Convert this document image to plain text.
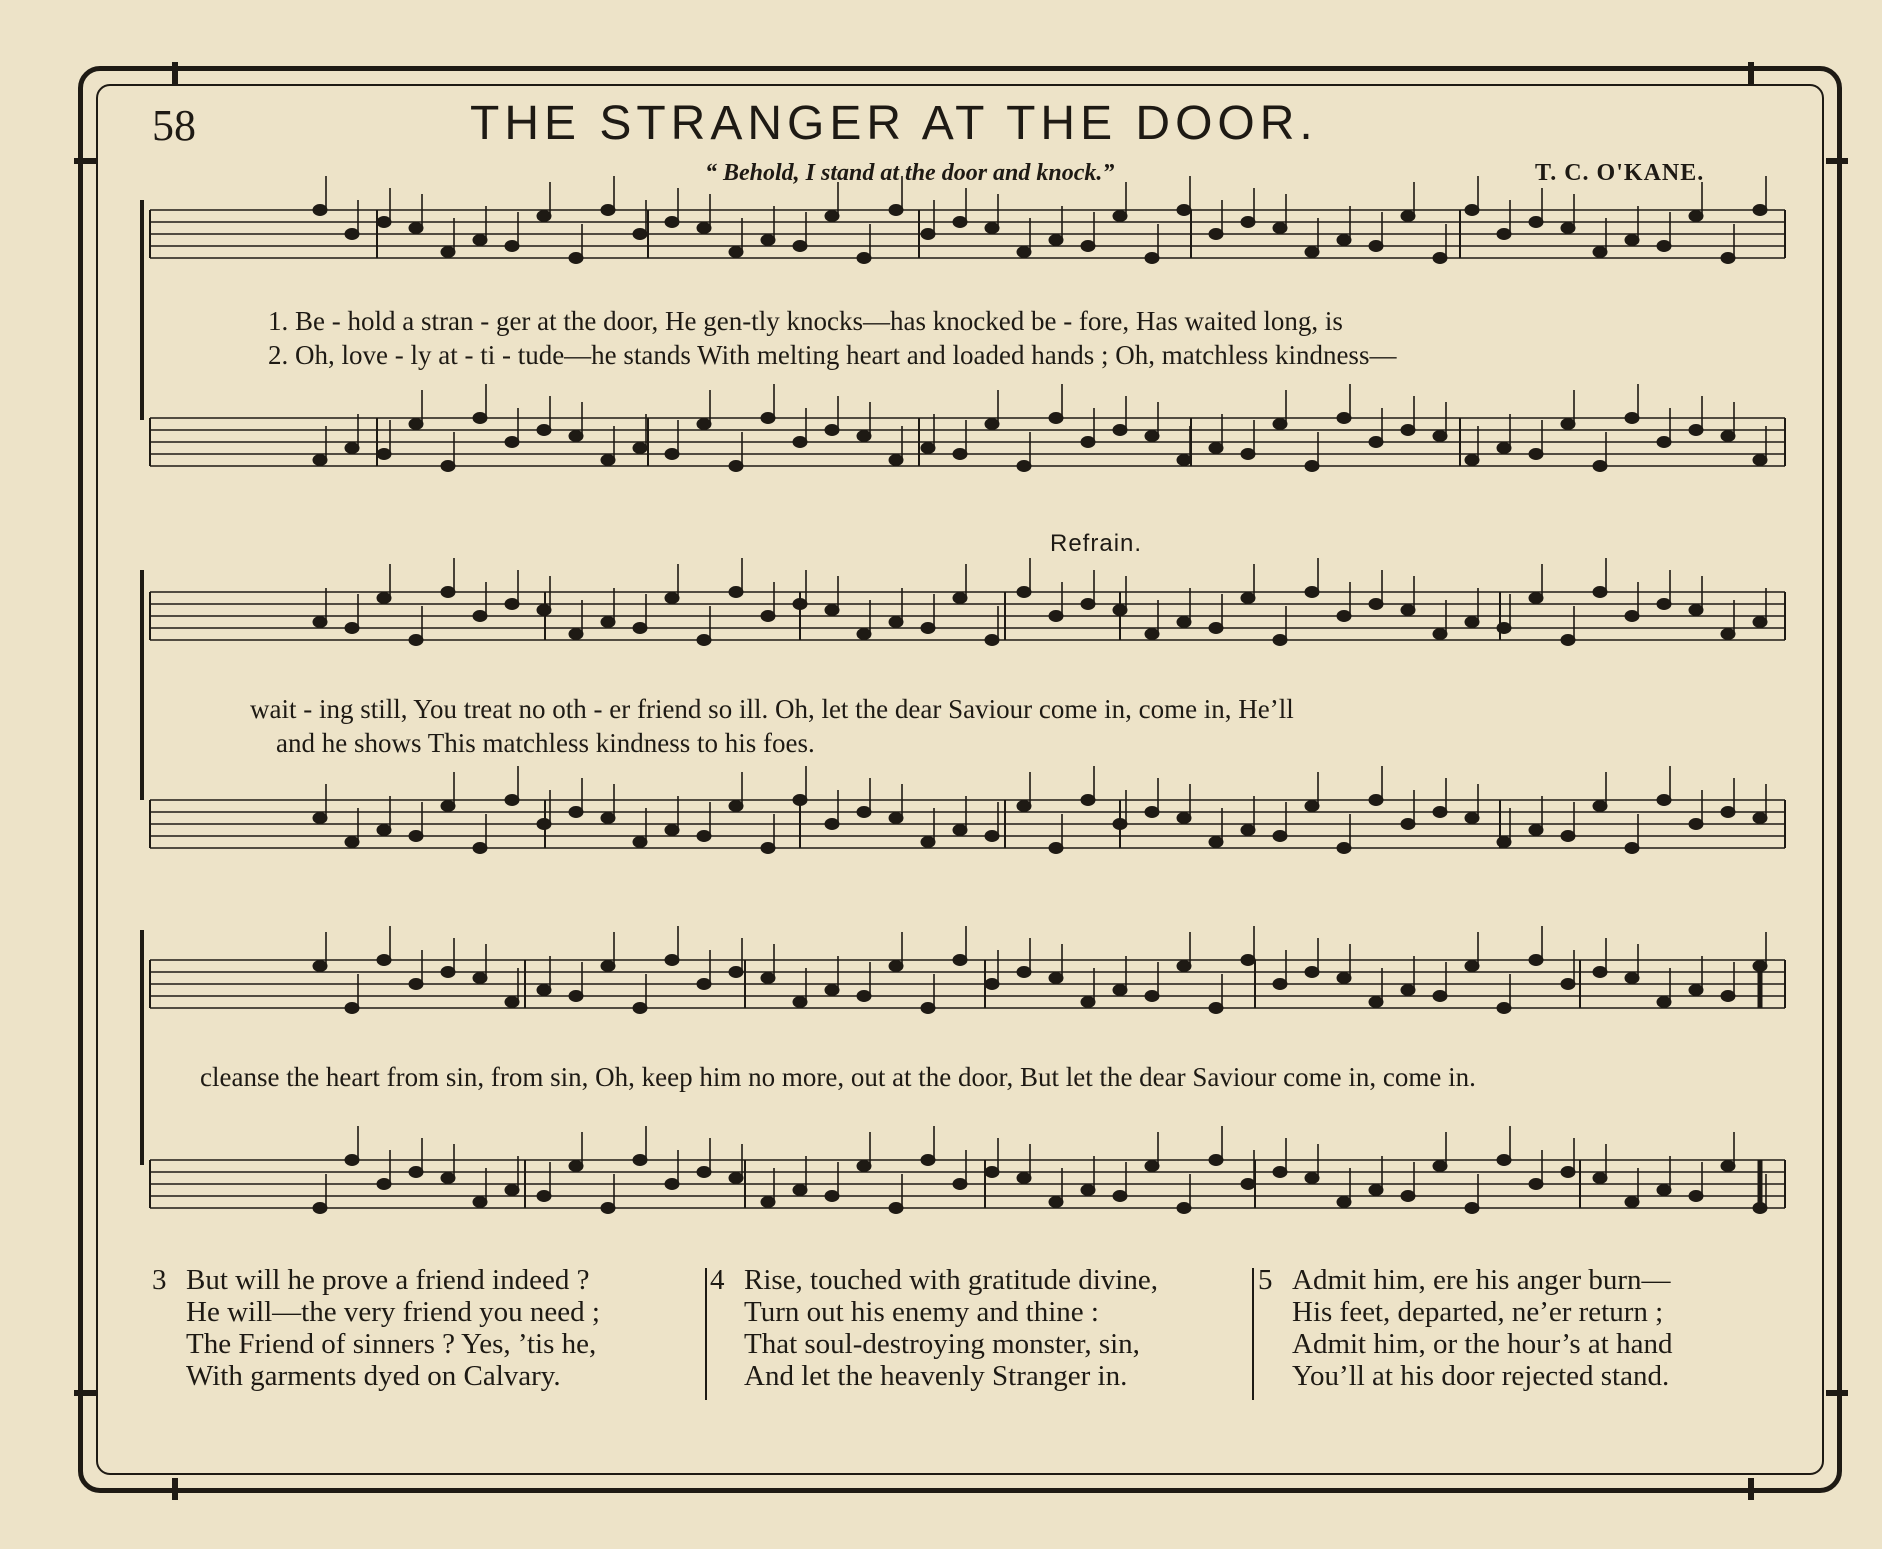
58	THE STRANGER AT THE DOOR.
“ Behold, I stand at the door and knock.”	T. C. O'KANE.
Refrain.
1. Be - hold a stran - ger at the door, He gen-tly knocks—has knocked be - fore, Has waited long, is
2. Oh, love - ly at - ti - tude—he stands With melting heart and loaded hands ; Oh, matchless kindness—
wait - ing still, You treat no oth - er friend so ill. Oh, let the dear Saviour come in, come in, He’ll
and he shows This matchless kindness to his foes.
cleanse the heart from sin, from sin, Oh, keep him no more, out at the door, But let the dear Saviour come in, come in.
3 But will he prove a friend indeed ?
He will—the very friend you need ;
The Friend of sinners ? Yes, ’tis he,
With garments dyed on Calvary.
4 Rise, touched with gratitude divine,
Turn out his enemy and thine :
That soul-destroying monster, sin,
And let the heavenly Stranger in.
5 Admit him, ere his anger burn—
His feet, departed, ne’er return ;
Admit him, or the hour’s at hand
You’ll at his door rejected stand.
